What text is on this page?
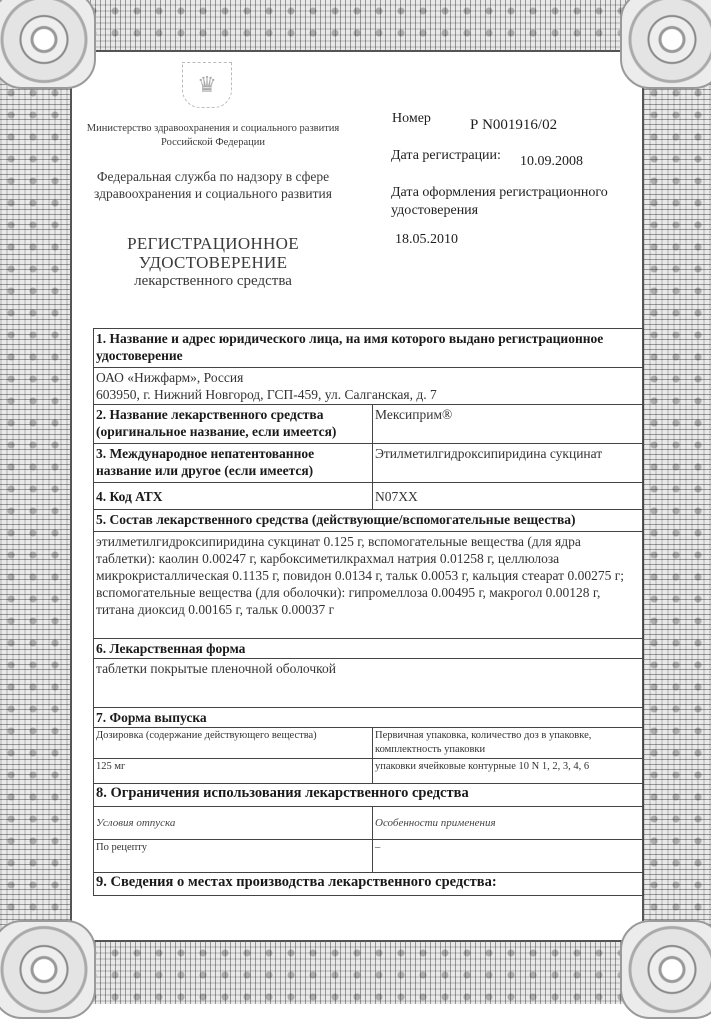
♛
Министерство здравоохранения и социального развития Российской Федерации
Федеральная служба по надзору в сфере здравоохранения и социального развития
РЕГИСТРАЦИОННОЕ УДОСТОВЕРЕНИЕ
лекарственного средства
Номер	Р N001916/02
Дата регистрации: 10.09.2008
Дата оформления регистрационного удостоверения
18.05.2010
1. Название и адрес юридического лица, на имя которого выдано регистрационное удостоверение	

ОАО «Нижфарм», Россия
603950, г. Нижний Новгород, ГСП-459, ул. Салганская, д. 7	

2. Название лекарственного средства (оригинальное название, если имеется)	Мексиприм®
3. Международное непатентованное название или другое (если имеется)	Этилметилгидроксипиридина сукцинат
4. Код АТХ	N07XX
5. Состав лекарственного средства (действующие/вспомогательные вещества)	
этилметилгидроксипиридина сукцинат 0.125 г, вспомогательные вещества (для ядра таблетки): каолин 0.00247 г, карбоксиметилкрахмал натрия 0.01258 г, целлюлоза микрокристаллическая 0.1135 г, повидон 0.0134 г, тальк 0.0053 г, кальция стеарат 0.00275 г; вспомогательные вещества (для оболочки): гипромеллоза 0.00495 г, макрогол 0.00128 г, титана диоксид 0.00165 г, тальк 0.00037 г	
6. Лекарственная форма	
таблетки покрытые пленочной оболочкой	
7. Форма выпуска	
Дозировка (содержание действующего вещества)	Первичная упаковка, количество доз в упаковке, комплектность упаковки
125 мг	упаковки ячейковые контурные 10 N 1, 2, 3, 4, 6
8. Ограничения использования лекарственного средства	
Условия отпуска	Особенности применения
По рецепту	–
9. Сведения о местах производства лекарственного средства:	
